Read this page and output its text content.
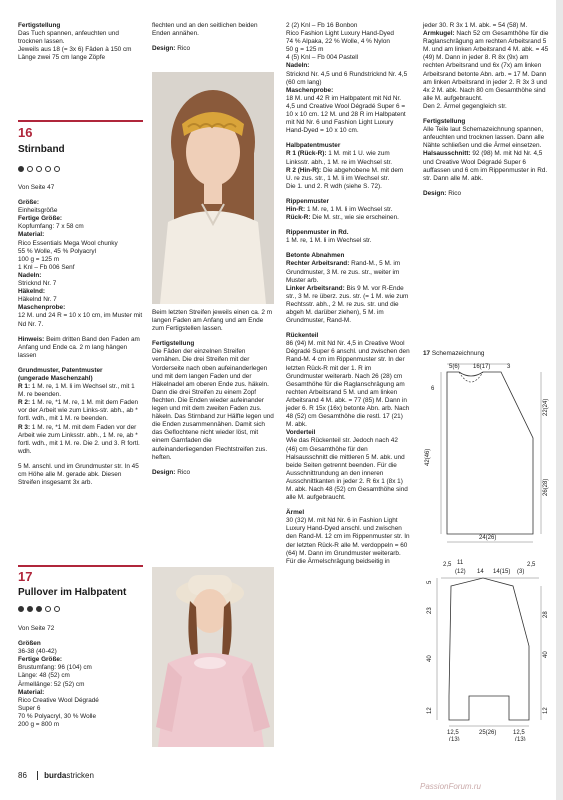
Fertigstellung
Das Tuch spannen, anfeuchten und trocknen lassen.
Jeweils aus 18 (= 3x 6) Fäden à 150 cm Länge zwei 75 cm lange Zöpfe

16
Stirnband

Von Seite 47

Größe:
Einheitsgröße
Fertige Größe:
Kopfumfang: 7 x 58 cm
Material:
Rico Essentials Mega Wool chunky
55 % Wolle, 45 % Polyacryl
100 g = 125 m
1 Knl – Fb 006 Senf
Nadeln:
Stricknd Nr. 7
Häkelnd:
Häkelnd Nr. 7
Maschenprobe:
12 M. und 24 R = 10 x 10 cm, im Muster mit Nd Nr. 7.

Hinweis: Beim dritten Band den Faden am Anfang und Ende ca. 2 m lang hängen lassen

Grundmuster, Patentmuster
(ungerade Maschenzahl)
R 1: 1 M. re, 1 M. li im Wechsel str., mit 1 M. re beenden.
R 2: 1 M. re, *1 M. re, 1 M. mit dem Faden vor der Arbeit wie zum Links-str. abh., ab * fortl. wdh., mit 1 M. re beenden.
R 3: 1 M. re, *1 M. mit dem Faden vor der Arbeit wie zum Linksstr. abh., 1 M. re, ab * fortl. wdh., mit 1 M. re. Die 2. und 3. R fortl. wdh.

5 M. anschl. und im Grundmuster str. In 45 cm Höhe alle M. gerade abk. Diesen Streifen insgesamt 3x arb.

17
Pullover im Halbpatent

Von Seite 72

Größen
36-38 (40-42)
Fertige Größe:
Brustumfang: 96 (104) cm
Länge: 48 (52) cm
Ärmellänge: 52 (52) cm
Material:
Rico Creative Wool Dégradé
Super 6
70 % Polyacryl, 30 % Wolle
200 g = 800 m

flechten und an den seitlichen beiden Enden annähen.

Design: Rico

Beim letzten Streifen jeweils einen ca. 2 m langen Faden am Anfang und am Ende zum Fertigstellen lassen.

Fertigstellung
Die Fäden der einzelnen Streifen vernähen. Die drei Streifen mit der Vorderseite nach oben aufeinanderlegen und mit dem langen Faden und der Häkelnadel am oberen Ende zus. häkeln. Dann die drei Streifen zu einem Zopf flechten. Die Enden wieder aufeinander legen und mit dem zweiten Faden zus. häkeln. Das Stirnband zur Hälfte legen und die Enden zusammennähen. Damit sich das Geflochtene nicht wieder löst, mit einem Garnfaden die aufeinanderliegenden Flechtstreifen zus. heften.

Design: Rico

2 (2) Knl – Fb 16 Bonbon
Rico Fashion Light Luxury Hand-Dyed
74 % Alpaka, 22 % Wolle, 4 % Nylon
50 g = 125 m
4 (5) Knl – Fb 004 Pastell
Nadeln:
Stricknd Nr. 4,5 und 6 Rundstricknd Nr. 4,5 (60 cm lang)
Maschenprobe:
18 M. und 42 R im Halbpatent mit Nd Nr. 4,5 und Creative Wool Dégradé Super 6 = 10 x 10 cm. 12 M. und 28 R im Halbpatent mit Nd Nr. 6 und Fashion Light Luxury Hand-Dyed = 10 x 10 cm.

Halbpatentmuster
R 1 (Rück-R): 1 M. mit 1 U. wie zum Linksstr. abh., 1 M. re im Wechsel str.
R 2 (Hin-R): Die abgehobene M. mit dem U. re zus. str., 1 M. li im Wechsel str.
Die 1. und 2. R wdh (siehe S. 72).

Rippenmuster
Hin-R: 1 M. re, 1 M. li im Wechsel str.
Rück-R: Die M. str., wie sie erscheinen.

Rippenmuster in Rd.
1 M. re, 1 M. li im Wechsel str.

Betonte Abnahmen
Rechter Arbeitsrand: Rand-M., 5 M. im Grundmuster, 3 M. re zus. str., weiter im Muster arb.
Linker Arbeitsrand: Bis 9 M. vor R-Ende str., 3 M. re überz. zus. str. (= 1 M. wie zum Rechtsstr. abh., 2 M. re zus. str. und die abgeh M. darüber ziehen), 5 M. im Grundmuster, Rand-M.

Rückenteil
86 (94) M. mit Nd Nr. 4,5 in Creative Wool Dégradé Super 6 anschl. und zwischen den Rand-M. 4 cm im Rippenmuster str. In der letzten Rück-R mit der 1. R im Grundmuster weiterarb. Nach 26 (28) cm Gesamthöhe für die Raglanschrägung am rechten Arbeitsrand 5 M. und am linken Arbeitsrand 4 M. abk. = 77 (85) M. Dann in jeder 6. R 15x (16x) betonte Abn. arb. Nach 48 (52) cm Gesamthöhe die restl. 17 (21) M. abk.
Vorderteil
Wie das Rückenteil str. Jedoch nach 42 (46) cm Gesamthöhe für den Halsausschnitt die mittleren 5 M. abk. und beide Seiten getrennt beenden. Für die Ausschnittrundung an den inneren Ausschnittkanten in jeder 2. R 6x 1 (8x 1) M. abk. Nach 48 (52) cm Gesamthöhe sind alle M. aufgebraucht.

Ärmel
30 (32) M. mit Nd Nr. 6 in Fashion Light Luxury Hand-Dyed anschl. und zwischen den Rand-M. 12 cm im Rippenmuster str. In der letzten Rück-R alle M. verdoppeln = 60 (64) M. Dann im Grundmuster weiterarb. Für die Ärmelschrägung beidseitig in

jeder 30. R 3x 1 M. abk. = 54 (58) M.
Armkugel: Nach 52 cm Gesamthöhe für die Raglanschrägung am rechten Arbeitsrand 5 M. und am linken Arbeitsrand 4 M. abk. = 45 (49) M. Dann in jeder 8. R 8x (9x) am rechten Arbeitsrand und 6x (7x) am linken Arbeitsrand betonte Abn. arb. = 17 M. Dann am linken Arbeitsrand in jeder 2. R 3x 3 und 4x 2 M. abk. Nach 80 cm Gesamthöhe sind alle M. aufgebraucht.
Den 2. Ärmel gegengleich str.

Fertigstellung
Alle Teile laut Schemazeichnung spannen, anfeuchten und trocknen lassen. Dann alle Nähte schließen und die Ärmel einsetzen.
Halsausschnitt: 92 (98) M. mit Nd Nr. 4,5 und Creative Wool Dégradé Super 6 auffassen und 6 cm im Rippenmuster in Rd. str. Dann alle M. abk.

Design: Rico

17 Schemazeichnung
5(6) 16(17)	3
6
42(46)
22(24)
26(28)
24(26)
2,5 11
(12) 14 14(15) (3)
2,5
5
23
40
12
28
40
12
12,5
(13)
25(26)	12,5
(13)
86 burdastricken
PassionForum.ru
